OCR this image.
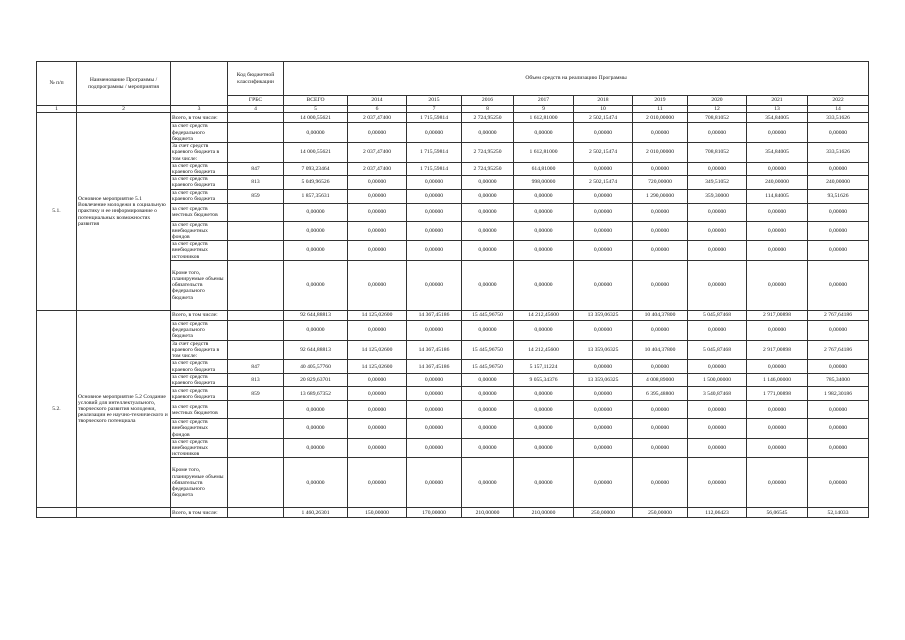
№ п/п	Наименование Программы / подпрограммы / мероприятия		Код бюджетной классификации	Объем средств на реализацию Программы									
			ГРБС	ВСЕГО	2014	2015	2016	2017	2018	2019	2020	2021	2022
1	2	3	4	5	6	7	8	9	10	11	12	13	14
5.1.	Основное мероприятие 5.1 Вовлечение молодежи в социальную практику и ее информирование о потенциальных возможностях развития	Всего, в том числе:		14 000,55621	2 037,47400	1 715,59814	2 724,95250	1 612,81000	2 502,15474	2 010,00000	708,81052	354,84005	333,51626
		за счет средств федерального бюджета		0,00000	0,00000	0,00000	0,00000	0,00000	0,00000	0,00000	0,00000	0,00000	0,00000
		За счет средств краевого бюджета в том числе:		14 000,55621	2 037,47400	1 715,59814	2 724,95250	1 612,81000	2 502,15474	2 010,00000	708,81052	354,84005	333,51626
		за счет средств краевого бюджета	847	7 093,23464	2 037,47400	1 715,59814	2 724,95250	614,81000	0,00000	0,00000	0,00000	0,00000	0,00000
		за счет средств краевого бюджета	813	5 049,96526	0,00000	0,00000	0,00000	998,00000	2 502,15474	720,00000	349,51052	240,00000	240,00000
		за счет средств краевого бюджета	859	1 857,35631	0,00000	0,00000	0,00000	0,00000	0,00000	1 290,00000	359,30000	114,84005	93,51626
		за счет средств местных бюджетов		0,00000	0,00000	0,00000	0,00000	0,00000	0,00000	0,00000	0,00000	0,00000	0,00000
		за счет средств внебюджетных фондов		0,00000	0,00000	0,00000	0,00000	0,00000	0,00000	0,00000	0,00000	0,00000	0,00000
		за счет средств внебюджетных источников		0,00000	0,00000	0,00000	0,00000	0,00000	0,00000	0,00000	0,00000	0,00000	0,00000
		Кроме того, планируемые объемы обязательств федерального бюджета		0,00000	0,00000	0,00000	0,00000	0,00000	0,00000	0,00000	0,00000	0,00000	0,00000
5.2.	Основное мероприятие 5.2 Создание условий для интеллектуального, творческого развития молодежи, реализации ее научно-технического и творческого потенциала	Всего, в том числе:		92 644,88813	14 125,02600	14 367,45186	15 445,96750	14 212,45600	13 359,06325	10 404,37800	5 045,87468	2 917,00898	2 767,64186
		за счет средств федерального бюджета		0,00000	0,00000	0,00000	0,00000	0,00000	0,00000	0,00000	0,00000	0,00000	0,00000
		За счет средств краевого бюджета в том числе:		92 644,88813	14 125,02600	14 367,45186	15 445,96750	14 212,45600	13 359,06325	10 404,37800	5 045,87468	2 917,00898	2 767,64186
		за счет средств краевого бюджета	847	40 405,57760	14 125,02600	14 367,45186	15 445,96750	5 157,11224	0,00000	0,00000	0,00000	0,00000	0,00000
		за счет средств краевого бюджета	813	20 829,63701	0,00000	0,00000	0,00000	9 055,34376	13 359,06325	4 008,89000	1 500,00000	1 146,00000	785,34000
		за счет средств краевого бюджета	859	13 689,67352	0,00000	0,00000	0,00000	0,00000	0,00000	6 395,48800	3 540,87468	1 771,00898	1 982,30186
		за счет средств местных бюджетов		0,00000	0,00000	0,00000	0,00000	0,00000	0,00000	0,00000	0,00000	0,00000	0,00000
		за счет средств внебюджетных фондов		0,00000	0,00000	0,00000	0,00000	0,00000	0,00000	0,00000	0,00000	0,00000	0,00000
		за счет средств внебюджетных источников		0,00000	0,00000	0,00000	0,00000	0,00000	0,00000	0,00000	0,00000	0,00000	0,00000
		Кроме того, планируемые объемы обязательств федерального бюджета		0,00000	0,00000	0,00000	0,00000	0,00000	0,00000	0,00000	0,00000	0,00000	0,00000
		Всего, в том числе:		1 460,26301	150,00000	170,00000	210,00000	210,00000	250,00000	250,00000	112,06423	56,06545	52,14033
